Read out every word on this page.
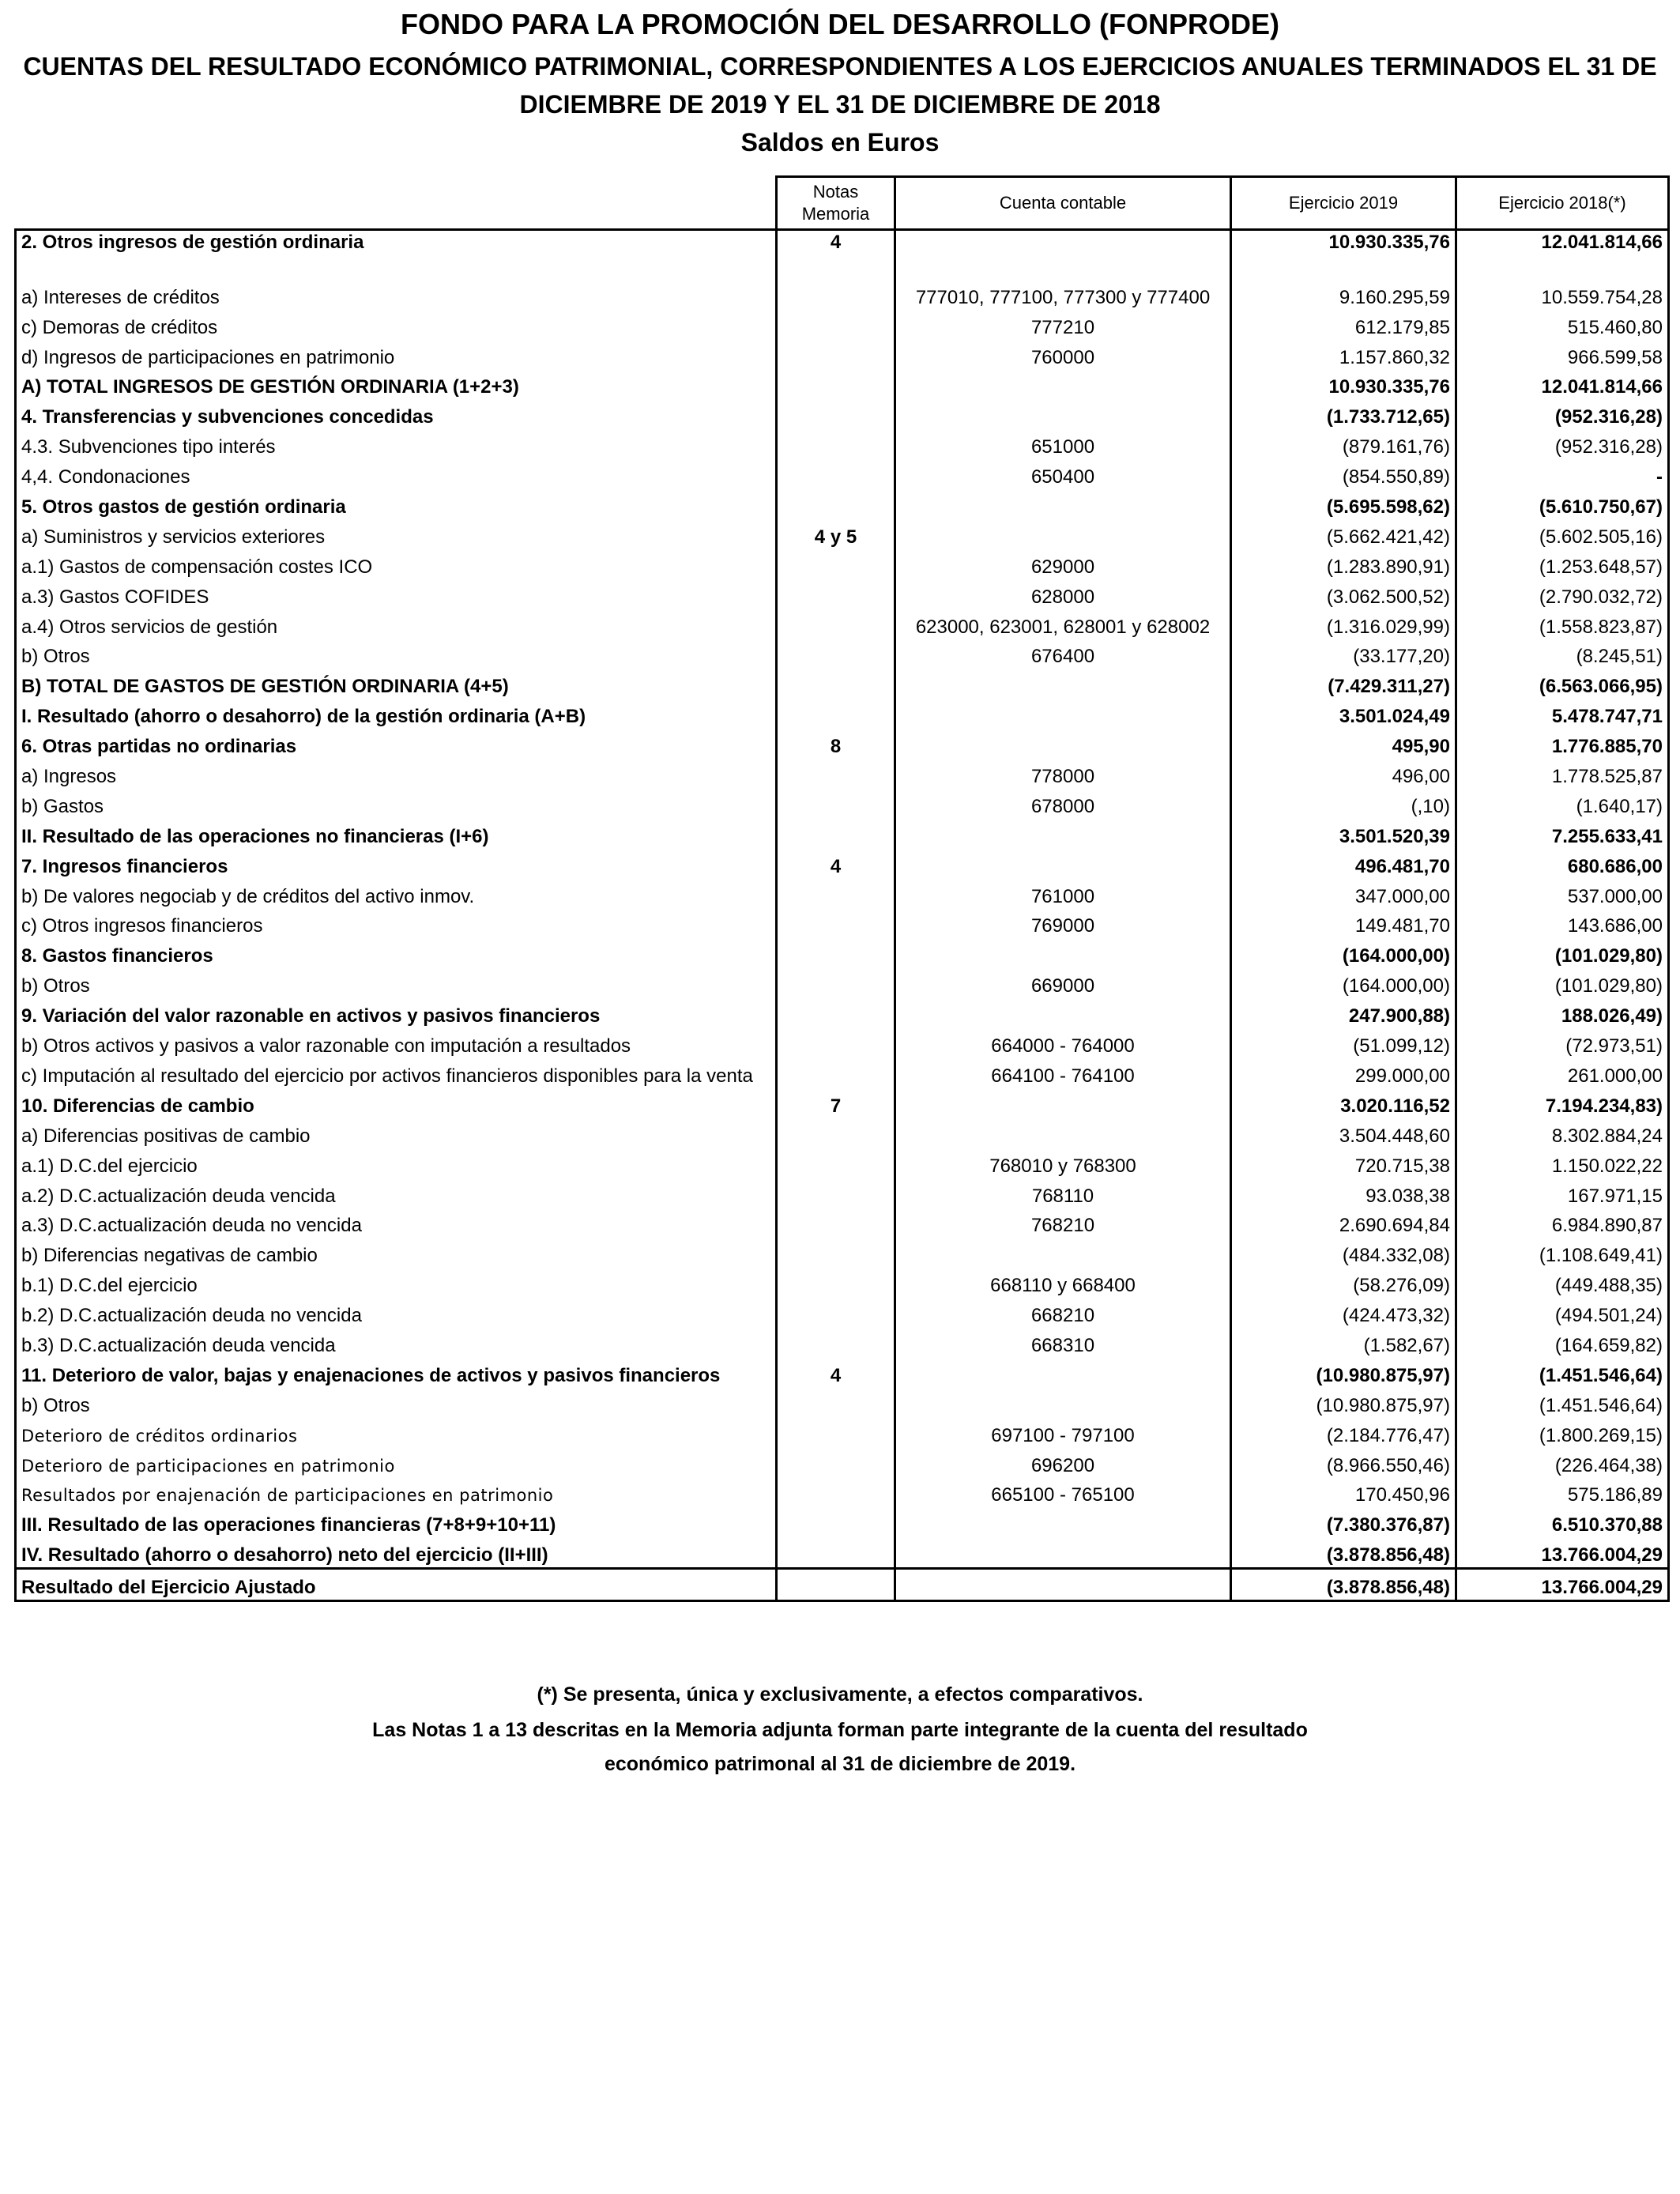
FONDO PARA LA PROMOCIÓN DEL DESARROLLO (FONPRODE)
CUENTAS DEL RESULTADO ECONÓMICO PATRIMONIAL, CORRESPONDIENTES A LOS EJERCICIOS ANUALES TERMINADOS EL 31 DE
DICIEMBRE DE 2019 Y EL 31 DE DICIEMBRE DE 2018
Saldos en Euros
	Notas
Memoria	Cuenta contable	Ejercicio 2019	Ejercicio 2018(*)
2. Otros ingresos de gestión ordinaria	4		10.930.335,76	12.041.814,66

a) Intereses de créditos		777010, 777100, 777300 y 777400	9.160.295,59	10.559.754,28
c) Demoras de créditos		777210	612.179,85	515.460,80
d) Ingresos de participaciones en patrimonio		760000	1.157.860,32	966.599,58
A) TOTAL INGRESOS DE GESTIÓN ORDINARIA (1+2+3)			10.930.335,76	12.041.814,66
4. Transferencias y subvenciones concedidas			(1.733.712,65)	(952.316,28)
4.3. Subvenciones tipo interés		651000	(879.161,76)	(952.316,28)
4,4. Condonaciones		650400	(854.550,89)	-
5. Otros gastos de gestión ordinaria			(5.695.598,62)	(5.610.750,67)
a) Suministros y servicios exteriores	4 y 5		(5.662.421,42)	(5.602.505,16)
a.1) Gastos de compensación costes ICO		629000	(1.283.890,91)	(1.253.648,57)
a.3) Gastos COFIDES		628000	(3.062.500,52)	(2.790.032,72)
a.4) Otros servicios de gestión		623000, 623001, 628001 y 628002	(1.316.029,99)	(1.558.823,87)
b) Otros		676400	(33.177,20)	(8.245,51)
B) TOTAL DE GASTOS DE GESTIÓN ORDINARIA (4+5)			(7.429.311,27)	(6.563.066,95)
I. Resultado (ahorro o desahorro) de la gestión ordinaria (A+B)			3.501.024,49	5.478.747,71
6. Otras partidas no ordinarias	8		495,90	1.776.885,70
a) Ingresos		778000	496,00	1.778.525,87
b) Gastos		678000	(,10)	(1.640,17)
II. Resultado de las operaciones no financieras (I+6)			3.501.520,39	7.255.633,41
7. Ingresos financieros	4		496.481,70	680.686,00
b) De valores negociab y de créditos del activo inmov.		761000	347.000,00	537.000,00
c) Otros ingresos financieros		769000	149.481,70	143.686,00
8. Gastos financieros			(164.000,00)	(101.029,80)
b) Otros		669000	(164.000,00)	(101.029,80)
9. Variación del valor razonable en activos y pasivos financieros			247.900,88)	188.026,49)
b) Otros activos y pasivos a valor razonable con imputación a resultados		664000 - 764000	(51.099,12)	(72.973,51)
c) Imputación al resultado del ejercicio por activos financieros disponibles para la venta		664100 - 764100	299.000,00	261.000,00
10. Diferencias de cambio	7		3.020.116,52	7.194.234,83)
a) Diferencias positivas de cambio			3.504.448,60	8.302.884,24
a.1) D.C.del ejercicio		768010 y 768300	720.715,38	1.150.022,22
a.2) D.C.actualización deuda vencida		768110	93.038,38	167.971,15
a.3) D.C.actualización deuda no vencida		768210	2.690.694,84	6.984.890,87
b) Diferencias negativas de cambio			(484.332,08)	(1.108.649,41)
b.1) D.C.del ejercicio		668110 y 668400	(58.276,09)	(449.488,35)
b.2) D.C.actualización deuda no vencida		668210	(424.473,32)	(494.501,24)
b.3) D.C.actualización deuda vencida		668310	(1.582,67)	(164.659,82)
11. Deterioro de valor, bajas y enajenaciones de activos y pasivos financieros	4		(10.980.875,97)	(1.451.546,64)
b) Otros			(10.980.875,97)	(1.451.546,64)
Deterioro de créditos ordinarios		697100 - 797100	(2.184.776,47)	(1.800.269,15)
Deterioro de participaciones en patrimonio		696200	(8.966.550,46)	(226.464,38)
Resultados por enajenación de participaciones en patrimonio		665100 - 765100	170.450,96	575.186,89
III. Resultado de las operaciones financieras (7+8+9+10+11)			(7.380.376,87)	6.510.370,88
IV. Resultado (ahorro o desahorro) neto del ejercicio (II+III)			(3.878.856,48)	13.766.004,29
Resultado del Ejercicio Ajustado			(3.878.856,48)	13.766.004,29
(*) Se presenta, única y exclusivamente, a efectos comparativos.
Las Notas 1 a 13 descritas en la Memoria adjunta forman parte integrante de la cuenta del resultado
económico patrimonal al 31 de diciembre de 2019.
